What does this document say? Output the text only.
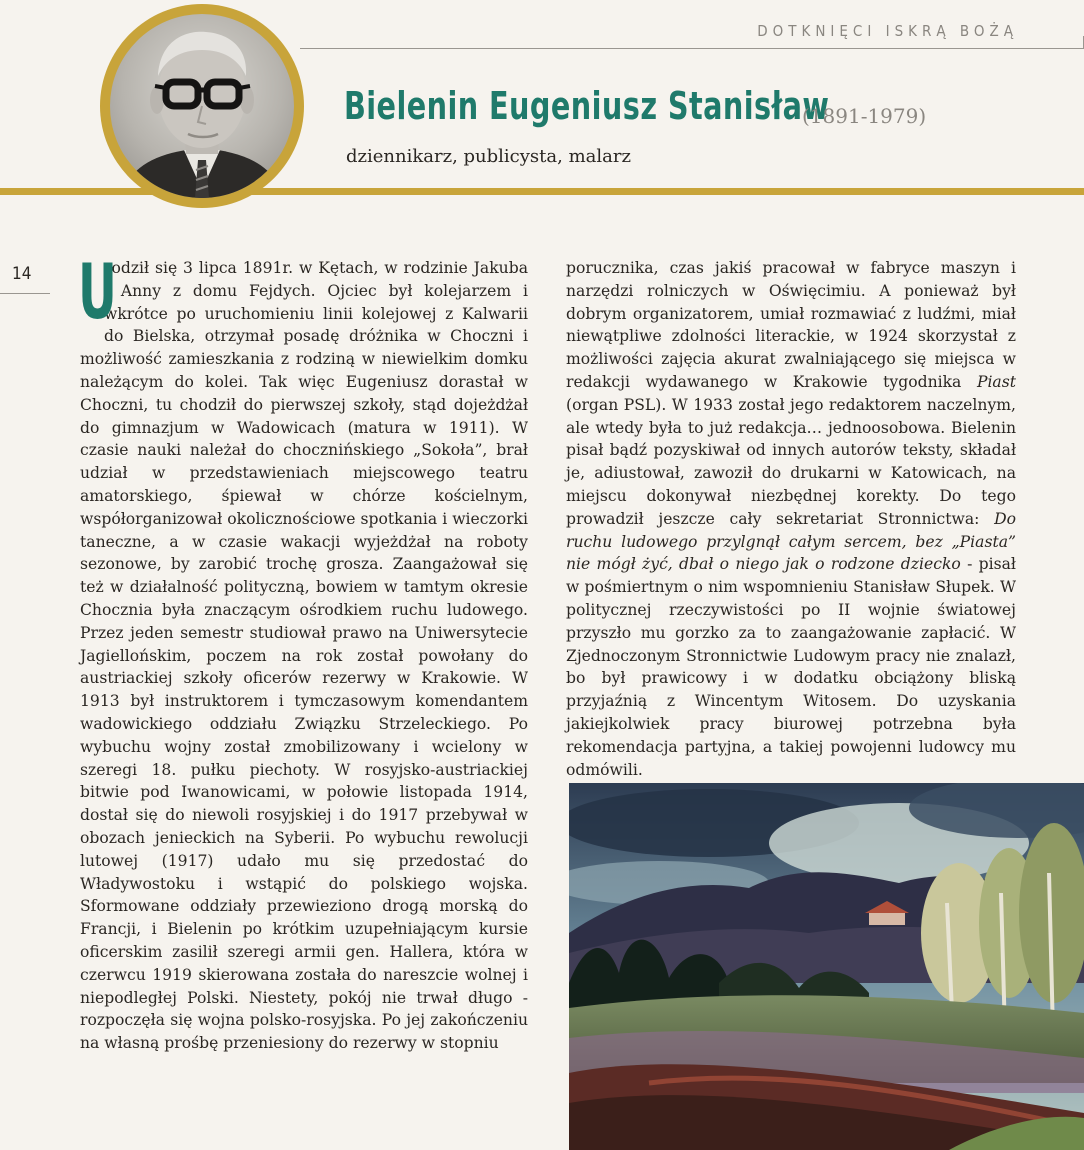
DOTKNIĘCI ISKRĄ BOŻĄ
Bielenin Eugeniusz Stanisław
(1891-1979)
dziennikarz, publicysta, malarz
14 U

rodził się 3 lipca 1891r. w Kętach, w rodzinie Jakuba i Anny z domu Fejdych. Ojciec był kolejarzem i wkrótce po uruchomieniu linii kolejowej z Kalwarii do Bielska, otrzymał posadę dróżnika w Choczni i możliwość zamieszkania z rodziną w niewielkim domku należącym do kolei. Tak więc Eugeniusz dorastał w Choczni, tu chodził do pierwszej szkoły, stąd dojeżdżał do gimnazjum w Wadowicach (matura w 1911). W czasie nauki należał do chocznińskiego „Sokoła”, brał udział w przedstawieniach miejscowego teatru amatorskiego, śpiewał w chórze kościelnym, współorganizował okolicznościowe spotkania i wieczorki taneczne, a w czasie wakacji wyjeżdżał na roboty sezonowe, by zarobić trochę grosza. Zaangażował się też w działalność polityczną, bowiem w tamtym okresie Chocznia była znaczącym ośrodkiem ruchu ludowego. Przez jeden semestr studiował prawo na Uniwersytecie Jagiellońskim, poczem na rok został powołany do austriackiej szkoły oficerów rezerwy w Krakowie. W 1913 był instruktorem i tymczasowym komendantem wadowickiego oddziału Związku Strzeleckiego. Po wybuchu wojny został zmobilizowany i wcielony w szeregi 18. pułku piechoty. W rosyjsko-austriackiej bitwie pod Iwanowicami, w połowie listopada 1914, dostał się do niewoli rosyjskiej i do 1917 przebywał w obozach jenieckich na Syberii. Po wybuchu rewolucji lutowej (1917) udało mu się przedostać do Władywostoku i wstąpić do polskiego wojska. Sformowane oddziały przewieziono drogą morską do Francji, i Bielenin po krótkim uzupełniającym kursie oficerskim zasilił szeregi armii gen. Hallera, która w czerwcu 1919 skierowana została do nareszcie wolnej i niepodległej Polski. Niestety, pokój nie trwał długo - rozpoczęła się wojna polsko-rosyjska. Po jej zakończeniu na własną prośbę przeniesiony do rezerwy w stopniu

porucznika, czas jakiś pracował w fabryce maszyn i narzędzi rolniczych w Oświęcimiu. A ponieważ był dobrym organizatorem, umiał rozmawiać z ludźmi, miał niewątpliwe zdolności literackie, w 1924 skorzystał z możliwości zajęcia akurat zwalniającego się miejsca w redakcji wydawanego w Krakowie tygodnika Piast (organ PSL). W 1933 został jego redaktorem naczelnym, ale wtedy była to już redakcja… jednoosobowa. Bielenin pisał bądź pozyskiwał od innych autorów teksty, składał je, adiustował, zawoził do drukarni w Katowicach, na miejscu dokonywał niezbędnej korekty. Do tego prowadził jeszcze cały sekretariat Stronnictwa: Do ruchu ludowego przylgnął całym sercem, bez „Piasta” nie mógł żyć, dbał o niego jak o rodzone dziecko - pisał w pośmiertnym o nim wspomnieniu Stanisław Słupek. W politycznej rzeczywistości po II wojnie światowej przyszło mu gorzko za to zaangażowanie zapłacić. W Zjednoczonym Stronnictwie Ludowym pracy nie znalazł, bo był prawicowy i w dodatku obciążony bliską przyjaźnią z Wincentym Witosem. Do uzyskania jakiejkolwiek pracy biurowej potrzebna była rekomendacja partyjna, a takiej powojenni ludowcy mu odmówili.
